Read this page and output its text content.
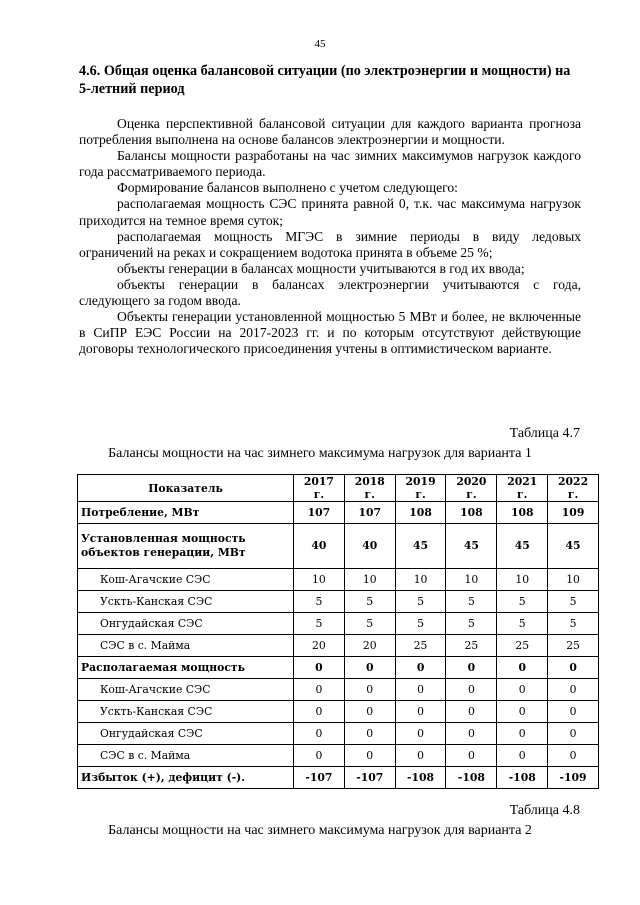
45
4.6. Общая оценка балансовой ситуации (по электроэнергии и мощности) на 5-летний период

Оценка перспективной балансовой ситуации для каждого варианта прогноза потребления выполнена на основе балансов электроэнергии и мощности.

Балансы мощности разработаны на час зимних максимумов нагрузок каждого года рассматриваемого периода.

Формирование балансов выполнено с учетом следующего:

располагаемая мощность СЭС принята равной 0, т.к. час максимума нагрузок приходится на темное время суток;

располагаемая мощность МГЭС в зимние периоды в виду ледовых ограничений на реках и сокращением водотока принята в объеме 25 %;

объекты генерации в балансах мощности учитываются в год их ввода;

объекты генерации в балансах электроэнергии учитываются с года, следующего за годом ввода.

Объекты генерации установленной мощностью 5 МВт и более, не включенные в СиПР ЕЭС России на 2017-2023 гг. и по которым отсутствуют действующие договоры технологического присоединения учтены в оптимистическом варианте.

Таблица 4.7
Балансы мощности на час зимнего максимума нагрузок для варианта 1
Показатель	2017 г.	2018 г.	2019 г.	2020 г.	2021 г.	2022 г.
Потребление, МВт	107	107	108	108	108	109
Установленная мощность объектов генерации, МВт	40	40	45	45	45	45
Кош-Агачские СЭС	10	10	10	10	10	10
Ускть-Канская СЭС	5	5	5	5	5	5
Онгудайская СЭС	5	5	5	5	5	5
СЭС в с. Майма	20	20	25	25	25	25
Располагаемая мощность	0	0	0	0	0	0
Кош-Агачские СЭС	0	0	0	0	0	0
Ускть-Канская СЭС	0	0	0	0	0	0
Онгудайская СЭС	0	0	0	0	0	0
СЭС в с. Майма	0	0	0	0	0	0
Избыток (+), дефицит (-).	-107	-107	-108	-108	-108	-109
Таблица 4.8
Балансы мощности на час зимнего максимума нагрузок для варианта 2
